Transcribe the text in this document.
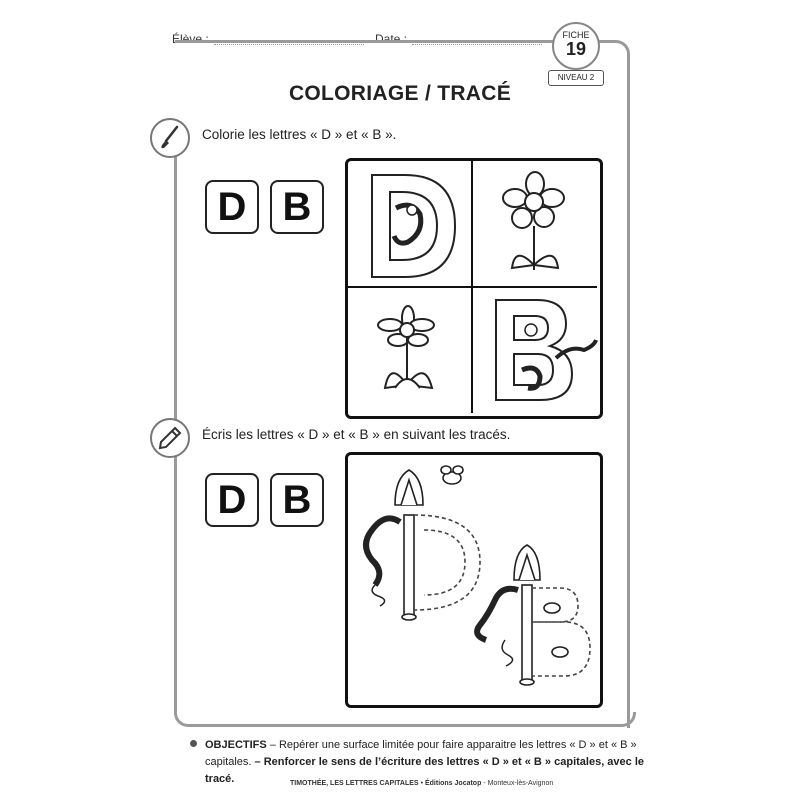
Élève :	Date :	FICHE
19
NIVEAU 2
COLORIAGE / TRACÉ
Colorie les lettres « D » et « B ».
D B
Écris les lettres « D » et « B » en suivant les tracés.
D B
OBJECTIFS – Repérer une surface limitée pour faire apparaitre les lettres « D » et « B »
capitales. – Renforcer le sens de l’écriture des lettres « D » et « B » capitales, avec le tracé.	TIMOTHÉE, LES LETTRES CAPITALES • Éditions Jocatop - Monteux-lès-Avignon
